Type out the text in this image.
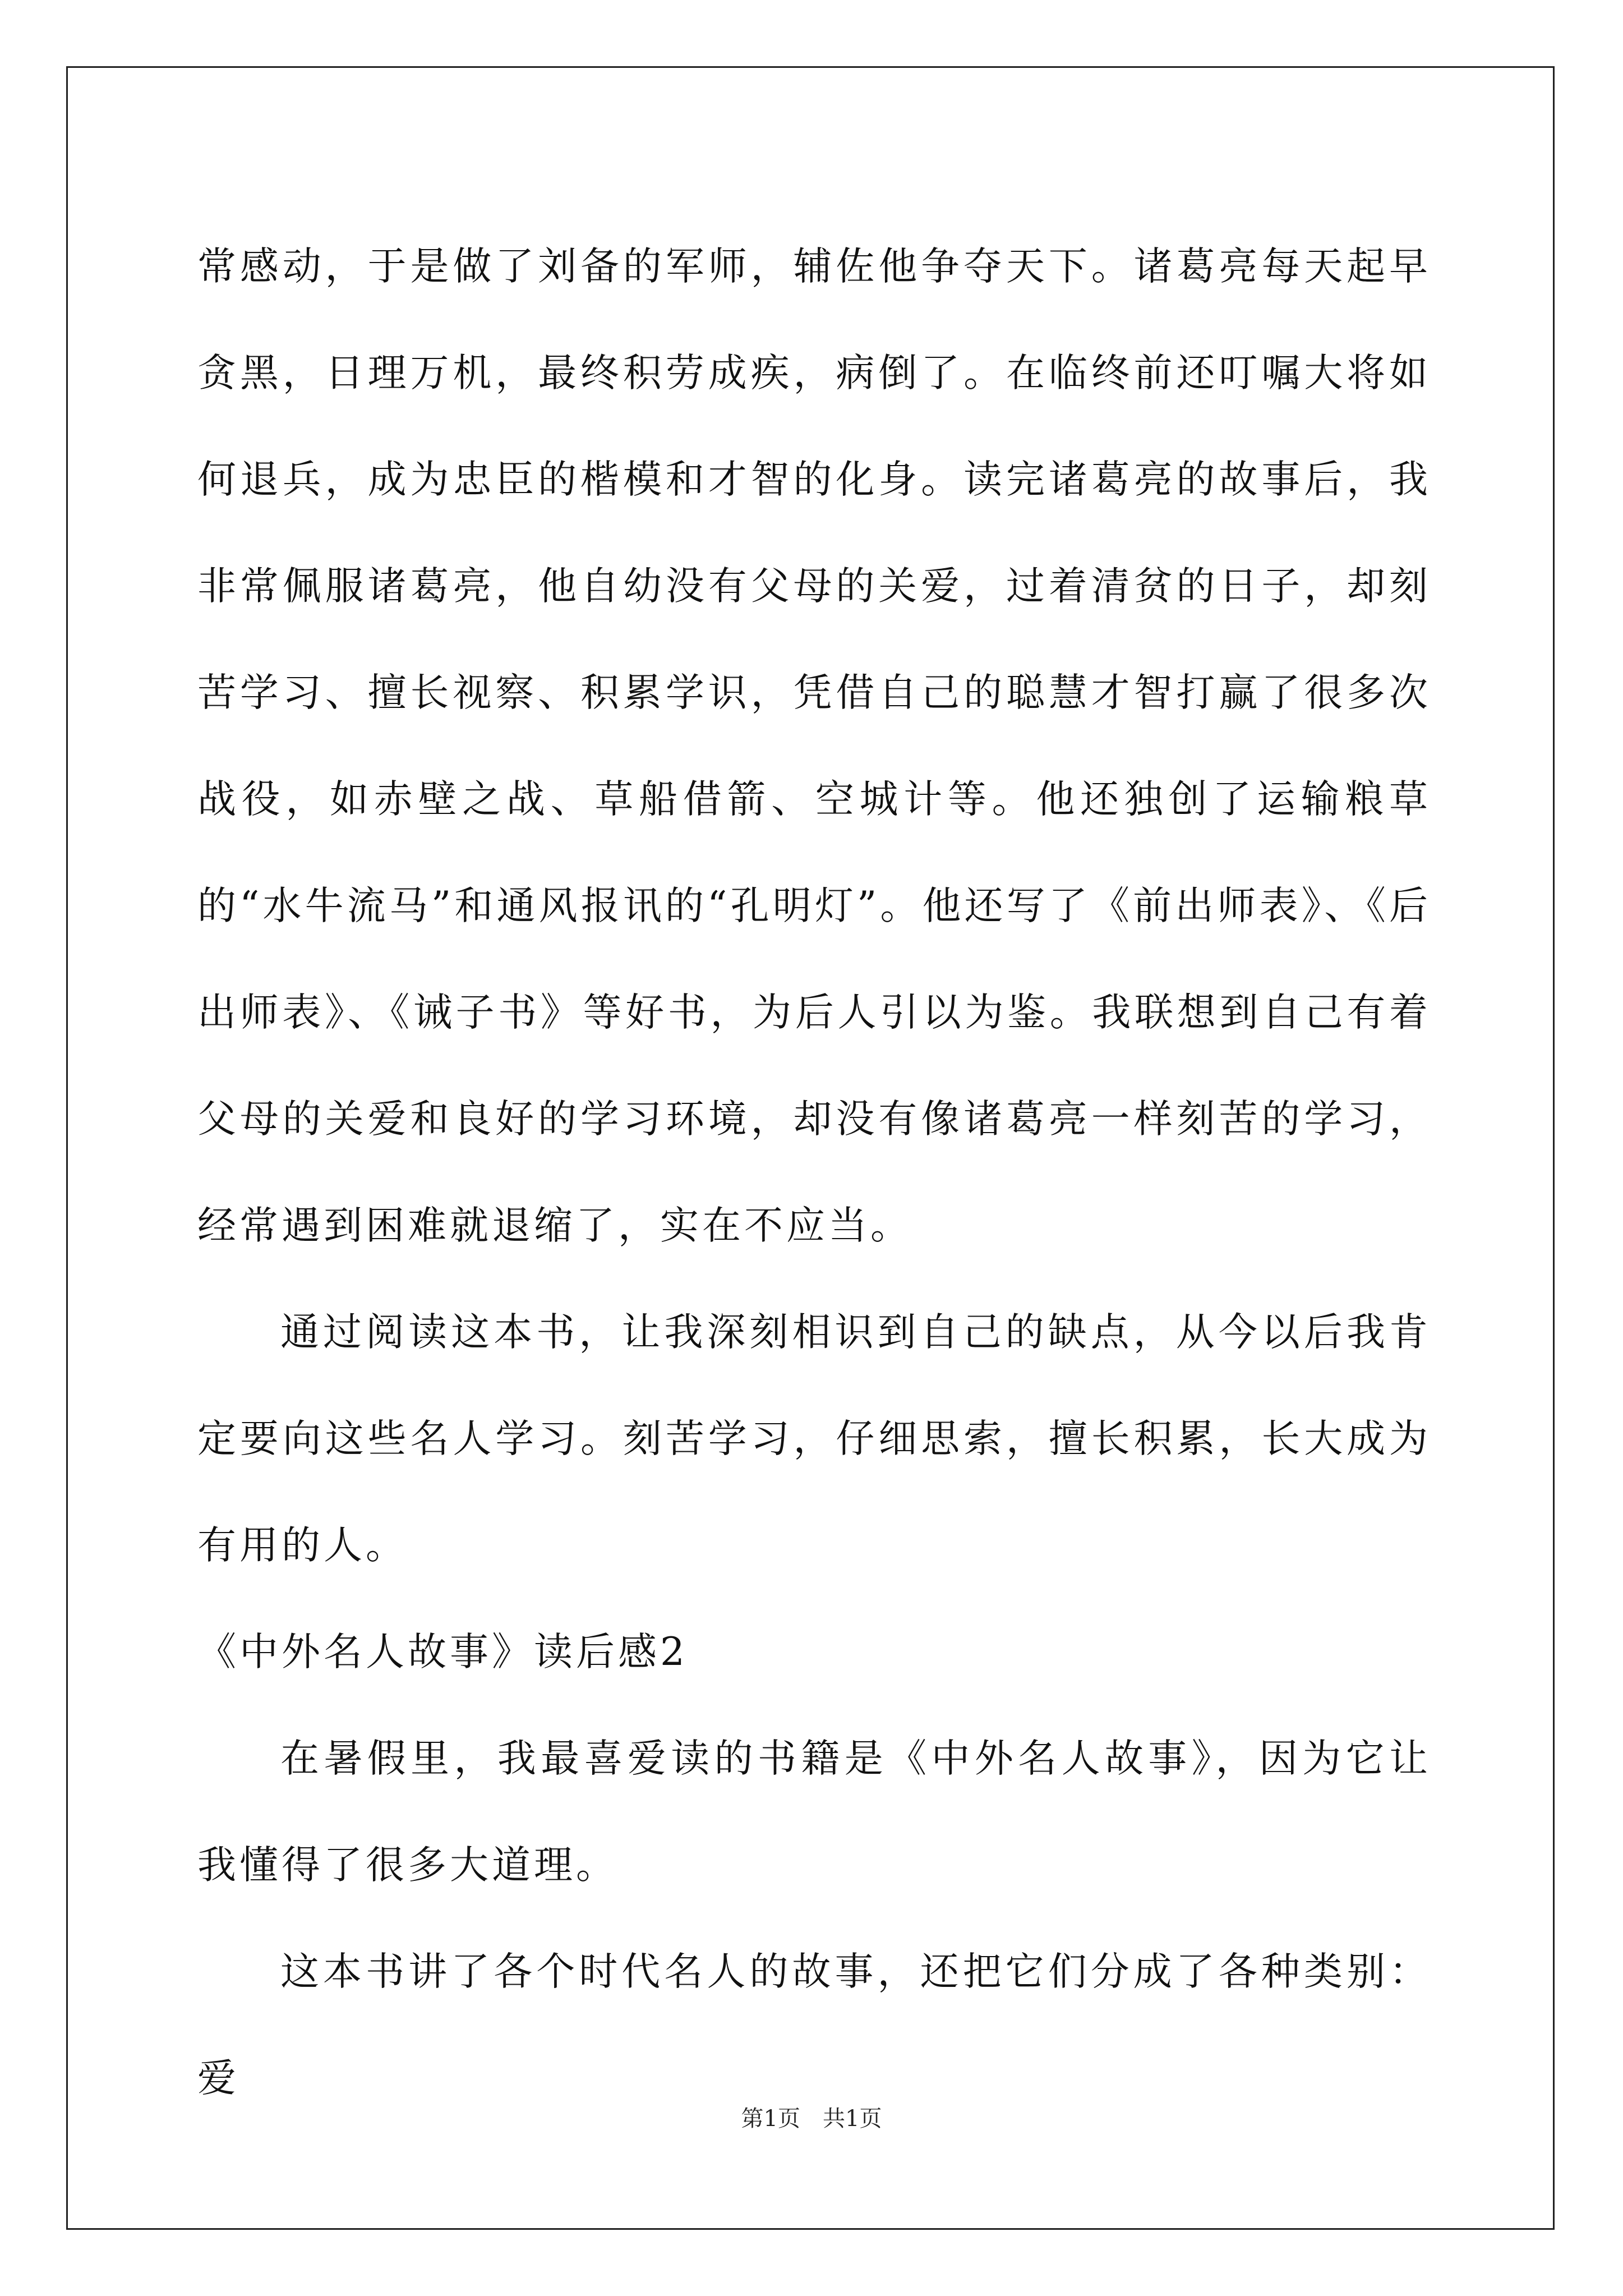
常感动，于是做了刘备的军师，辅佐他争夺天下。诸葛亮每天起早贪黑，日理万机，最终积劳成疾，病倒了。在临终前还叮嘱大将如何退兵，成为忠臣的楷模和才智的化身。读完诸葛亮的故事后，我非常佩服诸葛亮，他自幼没有父母的关爱，过着清贫的日子，却刻苦学习、擅长视察、积累学识，凭借自己的聪慧才智打赢了很多次战役，如赤壁之战、草船借箭、空城计等。他还独创了运输粮草的“水牛流马”和通风报讯的“孔明灯”。他还写了《前出师表》、《后出师表》、《诫子书》等好书，为后人引以为鉴。我联想到自己有着父母的关爱和良好的学习环境，却没有像诸葛亮一样刻苦的学习，经常遇到困难就退缩了，实在不应当。

通过阅读这本书，让我深刻相识到自己的缺点，从今以后我肯定要向这些名人学习。刻苦学习，仔细思索，擅长积累，长大成为有用的人。

《中外名人故事》读后感2

在暑假里，我最喜爱读的书籍是《中外名人故事》，因为它让我懂得了很多大道理。

这本书讲了各个时代名人的故事，还把它们分成了各种类别：爱

第1页　共1页
